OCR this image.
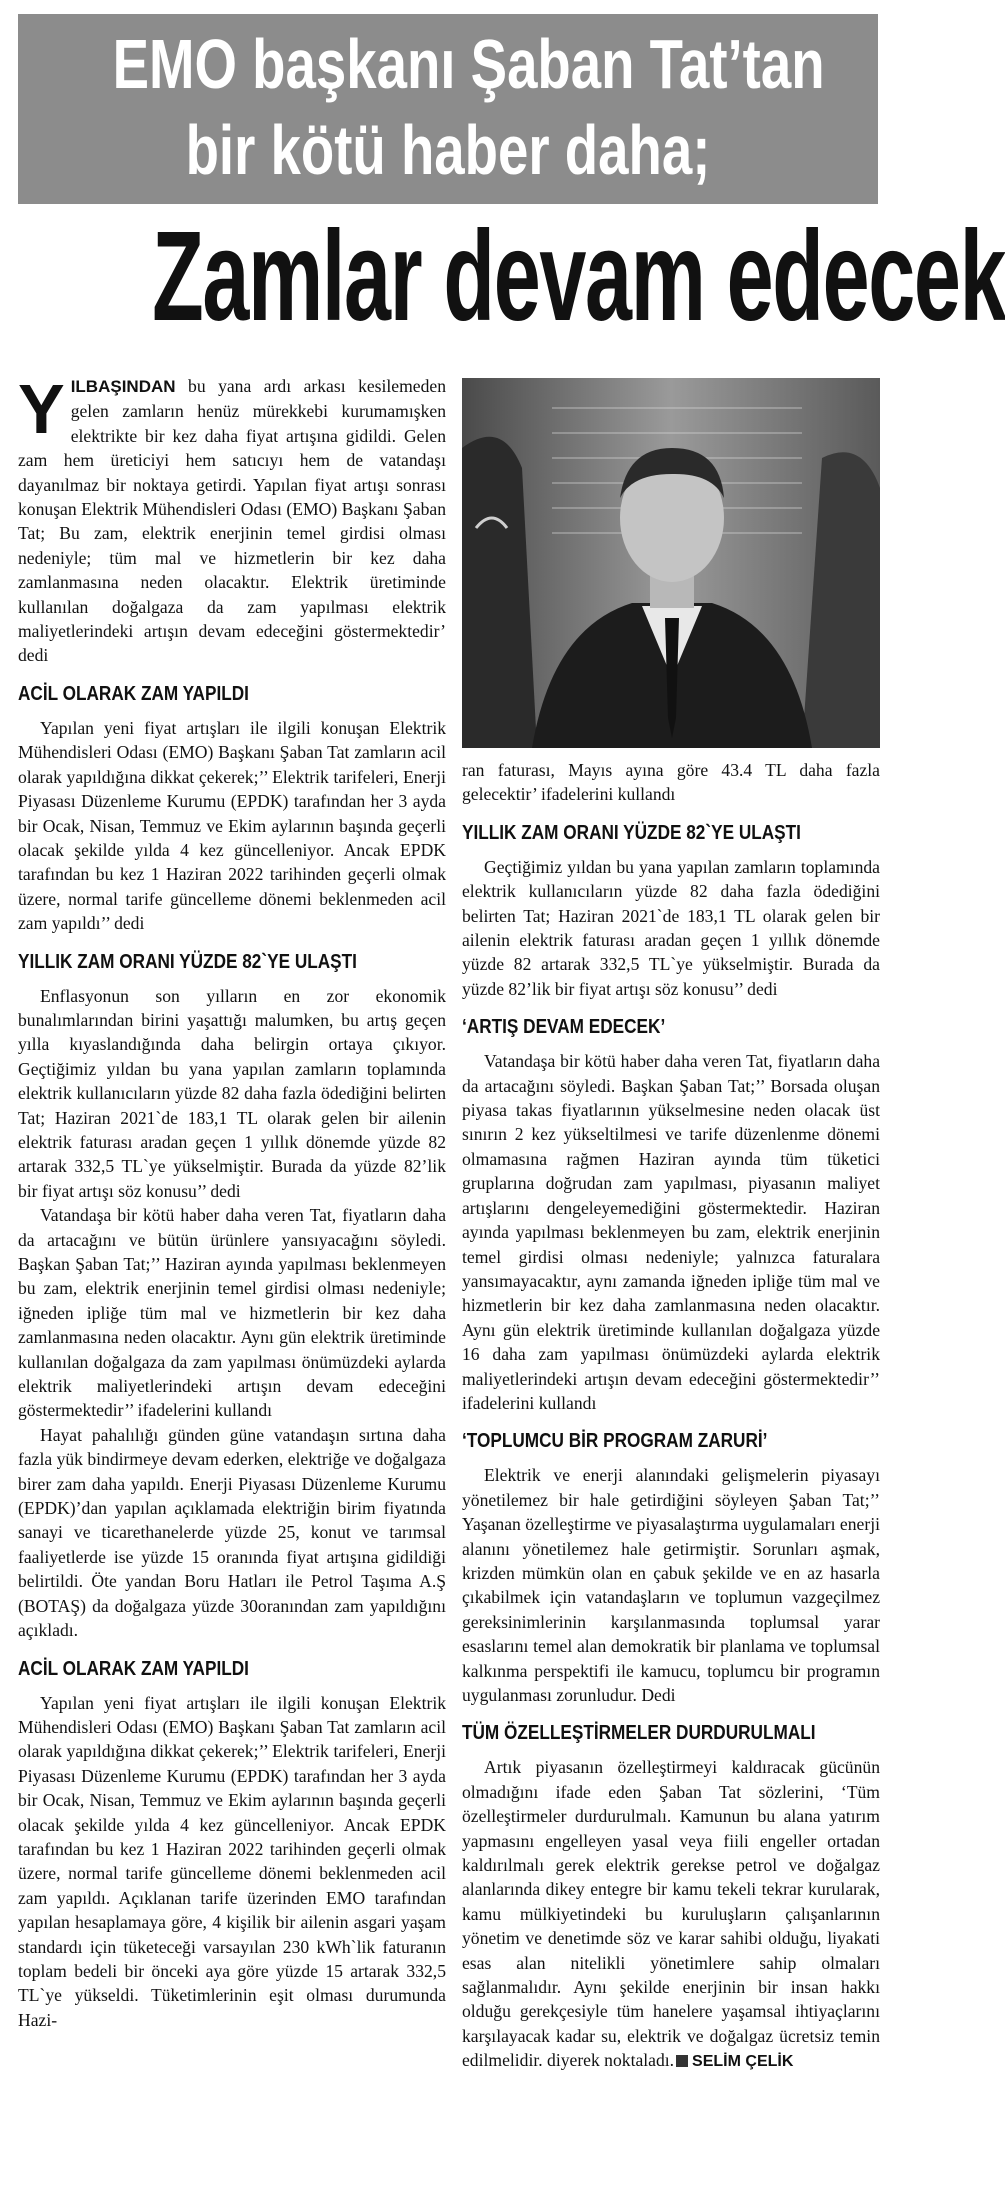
EMO başkanı Şaban Tat’tan
bir kötü haber daha;
Zamlar devam edecek

YILBAŞINDAN bu yana ardı arkası kesilemeden gelen zamların henüz mürekkebi kurumamışken elektrikte bir kez daha fiyat artışına gidildi. Gelen zam hem üreticiyi hem satıcıyı hem de vatandaşı dayanılmaz bir noktaya getirdi. Yapılan fiyat artışı sonrası konuşan Elektrik Mühendisleri Odası (EMO) Başkanı Şaban Tat; Bu zam, elektrik enerjinin temel girdisi olması nedeniyle; tüm mal ve hizmetlerin bir kez daha zamlanmasına neden olacaktır. Elektrik üretiminde kullanılan doğalgaza da zam yapılması elektrik maliyetlerindeki artışın devam edeceğini göstermektedir’ dedi

ACİL OLARAK ZAM YAPILDI

Yapılan yeni fiyat artışları ile ilgili konuşan Elektrik Mühendisleri Odası (EMO) Başkanı Şaban Tat zamların acil olarak yapıldığına dikkat çekerek;’’ Elektrik tarifeleri, Enerji Piyasası Düzenleme Kurumu (EPDK) tarafından her 3 ayda bir Ocak, Nisan, Temmuz ve Ekim aylarının başında geçerli olacak şekilde yılda 4 kez güncelleniyor. Ancak EPDK tarafından bu kez 1 Haziran 2022 tarihinden geçerli olmak üzere, normal tarife güncelleme dönemi beklenmeden acil zam yapıldı’’ dedi

YILLIK ZAM ORANI YÜZDE 82`YE ULAŞTI

Enflasyonun son yılların en zor ekonomik bunalımlarından birini yaşattığı malumken, bu artış geçen yılla kıyaslandığında daha belirgin ortaya çıkıyor. Geçtiğimiz yıldan bu yana yapılan zamların toplamında elektrik kullanıcıların yüzde 82 daha fazla ödediğini belirten Tat; Haziran 2021`de 183,1 TL olarak gelen bir ailenin elektrik faturası aradan geçen 1 yıllık dönemde yüzde 82 artarak 332,5 TL`ye yükselmiştir. Burada da yüzde 82’lik bir fiyat artışı söz konusu’’ dedi

Vatandaşa bir kötü haber daha veren Tat, fiyatların daha da artacağını ve bütün ürünlere yansıyacağını söyledi. Başkan Şaban Tat;’’ Haziran ayında yapılması beklenmeyen bu zam, elektrik enerjinin temel girdisi olması nedeniyle; iğneden ipliğe tüm mal ve hizmetlerin bir kez daha zamlanmasına neden olacaktır. Aynı gün elektrik üretiminde kullanılan doğalgaza da zam yapılması önümüzdeki aylarda elektrik maliyetlerindeki artışın devam edeceğini göstermektedir’’ ifadelerini kullandı

Hayat pahalılığı günden güne vatandaşın sırtına daha fazla yük bindirmeye devam ederken, elektriğe ve doğalgaza birer zam daha yapıldı. Enerji Piyasası Düzenleme Kurumu (EPDK)’dan yapılan açıklamada elektriğin birim fiyatında sanayi ve ticarethanelerde yüzde 25, konut ve tarımsal faaliyetlerde ise yüzde 15 oranında fiyat artışına gidildiği belirtildi. Öte yandan Boru Hatları ile Petrol Taşıma A.Ş (BOTAŞ) da doğalgaza yüzde 30oranından zam yapıldığını açıkladı.

ACİL OLARAK ZAM YAPILDI

Yapılan yeni fiyat artışları ile ilgili konuşan Elektrik Mühendisleri Odası (EMO) Başkanı Şaban Tat zamların acil olarak yapıldığına dikkat çekerek;’’ Elektrik tarifeleri, Enerji Piyasası Düzenleme Kurumu (EPDK) tarafından her 3 ayda bir Ocak, Nisan, Temmuz ve Ekim aylarının başında geçerli olacak şekilde yılda 4 kez güncelleniyor. Ancak EPDK tarafından bu kez 1 Haziran 2022 tarihinden geçerli olmak üzere, normal tarife güncelleme dönemi beklenmeden acil zam yapıldı. Açıklanan tarife üzerinden EMO tarafından yapılan hesaplamaya göre, 4 kişilik bir ailenin asgari yaşam standardı için tüketeceği varsayılan 230 kWh`lik faturanın toplam bedeli bir önceki aya göre yüzde 15 artarak 332,5 TL`ye yükseldi. Tüketimlerinin eşit olması durumunda Hazi-

ran faturası, Mayıs ayına göre 43.4 TL daha fazla gelecektir’ ifadelerini kullandı

YILLIK ZAM ORANI YÜZDE 82`YE ULAŞTI

Geçtiğimiz yıldan bu yana yapılan zamların toplamında elektrik kullanıcıların yüzde 82 daha fazla ödediğini belirten Tat; Haziran 2021`de 183,1 TL olarak gelen bir ailenin elektrik faturası aradan geçen 1 yıllık dönemde yüzde 82 artarak 332,5 TL`ye yükselmiştir. Burada da yüzde 82’lik bir fiyat artışı söz konusu’’ dedi

‘ARTIŞ DEVAM EDECEK’

Vatandaşa bir kötü haber daha veren Tat, fiyatların daha da artacağını söyledi. Başkan Şaban Tat;’’ Borsada oluşan piyasa takas fiyatlarının yükselmesine neden olacak üst sınırın 2 kez yükseltilmesi ve tarife düzenlenme dönemi olmamasına rağmen Haziran ayında tüm tüketici gruplarına doğrudan zam yapılması, piyasanın maliyet artışlarını dengeleyemediğini göstermektedir. Haziran ayında yapılması beklenmeyen bu zam, elektrik enerjinin temel girdisi olması nedeniyle; yalnızca faturalara yansımayacaktır, aynı zamanda iğneden ipliğe tüm mal ve hizmetlerin bir kez daha zamlanmasına neden olacaktır. Aynı gün elektrik üretiminde kullanılan doğalgaza yüzde 16 daha zam yapılması önümüzdeki aylarda elektrik maliyetlerindeki artışın devam edeceğini göstermektedir’’ ifadelerini kullandı

‘TOPLUMCU BİR PROGRAM ZARURİ’

Elektrik ve enerji alanındaki gelişmelerin piyasayı yönetilemez bir hale getirdiğini söyleyen Şaban Tat;’’ Yaşanan özelleştirme ve piyasalaştırma uygulamaları enerji alanını yönetilemez hale getirmiştir. Sorunları aşmak, krizden mümkün olan en çabuk şekilde ve en az hasarla çıkabilmek için vatandaşların ve toplumun vazgeçilmez gereksinimlerinin karşılanmasında toplumsal yarar esaslarını temel alan demokratik bir planlama ve toplumsal kalkınma perspektifi ile kamucu, toplumcu bir programın uygulanması zorunludur. Dedi

TÜM ÖZELLEŞTİRMELER DURDURULMALI

Artık piyasanın özelleştirmeyi kaldıracak gücünün olmadığını ifade eden Şaban Tat sözlerini, ‘Tüm özelleştirmeler durdurulmalı. Kamunun bu alana yatırım yapmasını engelleyen yasal veya fiili engeller ortadan kaldırılmalı gerek elektrik gerekse petrol ve doğalgaz alanlarında dikey entegre bir kamu tekeli tekrar kurularak, kamu mülkiyetindeki bu kuruluşların çalışanlarının yönetim ve denetimde söz ve karar sahibi olduğu, liyakati esas alan nitelikli yönetimlere sahip olmaları sağlanmalıdır. Aynı şekilde enerjinin bir insan hakkı olduğu gerekçesiyle tüm hanelere yaşamsal ihtiyaçlarını karşılayacak kadar su, elektrik ve doğalgaz ücretsiz temin edilmelidir. diyerek noktaladı. SELİM ÇELİK
